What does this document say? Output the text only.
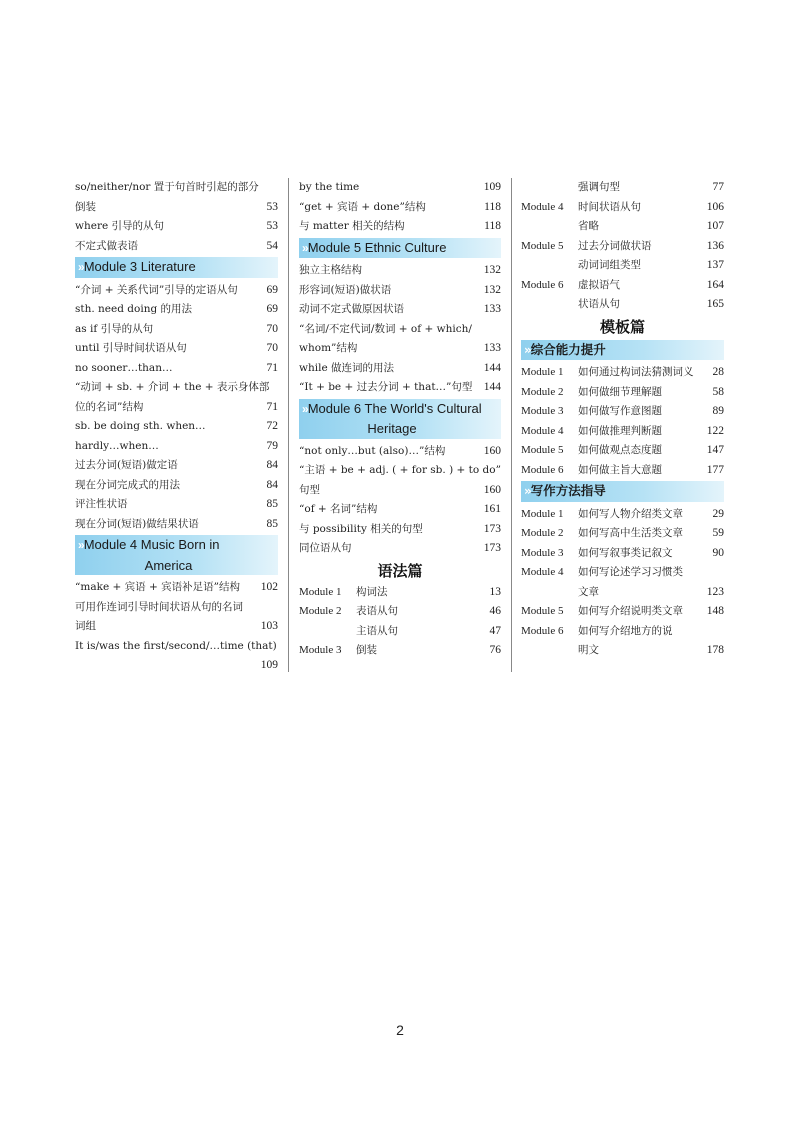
so/neither/nor 置于句首时引起的部分
倒装	53
where 引导的从句	53
不定式做表语	54
» Module 3 Literature
“介词 + 关系代词”引导的定语从句	69
sth. need doing 的用法	69
as if 引导的从句	70
until 引导时间状语从句	70
no sooner…than…	71
“动词 + sb. + 介词 + the + 表示身体部
位的名词”结构	71
sb. be doing sth. when…	72
hardly…when…	79
过去分词(短语)做定语	84
现在分词完成式的用法	84
评注性状语	85
现在分词(短语)做结果状语	85
» Module 4 Music Born in
America
“make + 宾语 + 宾语补足语”结构 102
可用作连词引导时间状语从句的名词
词组	103
It is/was the first/second/…time (that)
109
by the time	109
“get + 宾语 + done”结构	118
与 matter 相关的结构	118
» Module 5 Ethnic Culture
独立主格结构	132
形容词(短语)做状语	132
动词不定式做原因状语	133
“名词/不定代词/数词 + of + which/
whom”结构	133
while 做连词的用法	144
“It + be + 过去分词 + that…”句型 144
» Module 6 The World's Cultural
Heritage
“not only…but (also)…”结构	160
“主语 + be + adj. ( + for sb. ) + to do”
句型	160
“of + 名词”结构	161
与 possibility 相关的句型	173
同位语从句	173
语法篇
Module 1 构词法	13
Module 2 表语从句	46
主语从句	47
Module 3 倒装	76
强调句型	77
Module 4 时间状语从句	106
省略	107
Module 5 过去分词做状语	136
动词词组类型	137
Module 6 虚拟语气	164
状语从句	165
模板篇
» 综合能力提升
Module 1 如何通过构词法猜测词义 28
Module 2 如何做细节理解题	58
Module 3 如何做写作意图题	89
Module 4 如何做推理判断题	122
Module 5 如何做观点态度题	147
Module 6 如何做主旨大意题	177
» 写作方法指导
Module 1 如何写人物介绍类文章	29
Module 2 如何写高中生活类文章	59
Module 3 如何写叙事类记叙文	90
Module 4 如何写论述学习习惯类
文章	123
Module 5 如何写介绍说明类文章 148
Module 6 如何写介绍地方的说
明文	178
2
